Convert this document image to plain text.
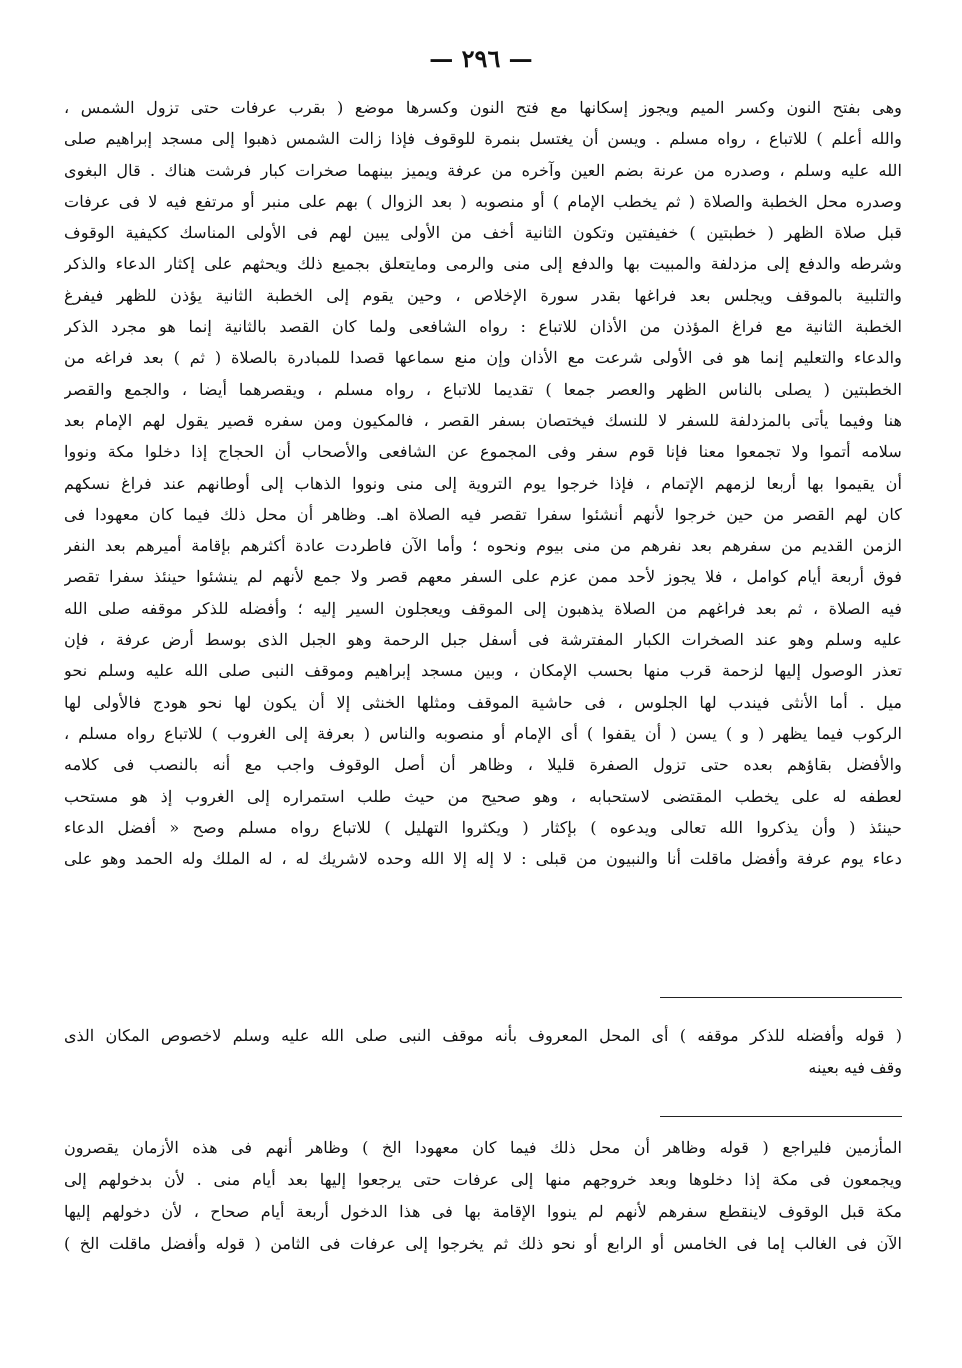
— ٢٩٦ —
وهى بفتح النون وكسر الميم ويجوز إسكانها مع فتح النون وكسرها موضع ( بقرب عرفات حتى تزول الشمس ،
والله أعلم ) للاتباع ، رواه مسلم . ويسن أن يغتسل بنمرة للوقوف فإذا زالت الشمس ذهبوا إلى مسجد إبراهيم صلى
الله عليه وسلم ، وصدره من عرنة بضم العين وآخره من عرفة ويميز بينهما صخرات كبار فرشت هناك . قال البغوى
وصدره محل الخطبة والصلاة ( ثم يخطب الإمام ) أو منصوبه ( بعد الزوال ) بهم على منبر أو مرتفع فيه لا فى عرفات
قبل صلاة الظهر ( خطبتين ) خفيفتين وتكون الثانية أخف من الأولى يبين لهم فى الأولى المناسك ككيفية الوقوف
وشرطه والدفع إلى مزدلفة والمبيت بها والدفع إلى منى والرمى ومايتعلق بجميع ذلك ويحثهم على إكثار الدعاء والذكر
والتلبية بالموقف ويجلس بعد فراغها بقدر سورة الإخلاص ، وحين يقوم إلى الخطبة الثانية يؤذن للظهر فيفرغ
الخطبة الثانية مع فراغ المؤذن من الأذان للاتباع : رواه الشافعى ولما كان القصد بالثانية إنما هو مجرد الذكر
والدعاء والتعليم إنما هو فى الأولى شرعت مع الأذان وإن منع سماعها قصدا للمبادرة بالصلاة ( ثم ) بعد فراغه من
الخطبتين ( يصلى بالناس الظهر والعصر جمعا ) تقديما للاتباع ، رواه مسلم ، ويقصرهما أيضا ، والجمع والقصر
هنا وفيما يأتى بالمزدلفة للسفر لا للنسك فيختصان بسفر القصر ، فالمكيون ومن سفره قصير يقول لهم الإمام بعد
سلامه أتموا ولا تجمعوا معنا فإنا قوم سفر وفى المجموع عن الشافعى والأصحاب أن الحجاج إذا دخلوا مكة ونووا
أن يقيموا بها أربعا لزمهم الإتمام ، فإذا خرجوا يوم التروية إلى منى ونووا الذهاب إلى أوطانهم عند فراغ نسكهم
كان لهم القصر من حين خرجوا لأنهم أنشئوا سفرا تقصر فيه الصلاة اهـ. وظاهر أن محل ذلك فيما كان معهودا فى
الزمن القديم من سفرهم بعد نفرهم من منى بيوم ونحوه ؛ وأما الآن فاطردت عادة أكثرهم بإقامة أميرهم بعد النفر
فوق أربعة أيام كوامل ، فلا يجوز لأحد ممن عزم على السفر معهم قصر ولا جمع لأنهم لم ينشئوا حينئذ سفرا تقصر
فيه الصلاة ، ثم بعد فراغهم من الصلاة يذهبون إلى الموقف ويعجلون السير إليه ؛ وأفضله للذكر موقفه صلى الله
عليه وسلم وهو عند الصخرات الكبار المفترشة فى أسفل جبل الرحمة وهو الجبل الذى بوسط أرض عرفة ، فإن
تعذر الوصول إليها لزحمة قرب منها بحسب الإمكان ، وبين مسجد إبراهيم وموقف النبى صلى الله عليه وسلم نحو
ميل . أما الأنثى فيندب لها الجلوس ، فى حاشية الموقف ومثلها الخنثى إلا أن يكون لها نحو هودج فالأولى لها
الركوب فيما يظهر ( و ) يسن ( أن يقفوا ) أى الإمام أو منصوبه والناس ( بعرفة إلى الغروب ) للاتباع رواه مسلم ،
والأفضل بقاؤهم بعده حتى تزول الصفرة قليلا ، وظاهر أن أصل الوقوف واجب مع أنه بالنصب فى كلامه
لعطفه له على يخطب المقتضى لاستحبابه ، وهو صحيح من حيث طلب استمراره إلى الغروب إذ هو مستحب
حينئذ ( وأن يذكروا الله تعالى ويدعوه ) بإكثار ( ويكثروا التهليل ) للاتباع رواه مسلم وصح « أفضل الدعاء
دعاء يوم عرفة وأفضل ماقلت أنا والنبيون من قبلى : لا إله إلا الله وحده لاشريك له ، له الملك وله الحمد وهو على
( قوله وأفضله للذكر موقفه ) أى المحل المعروف بأنه موقف النبى صلى الله عليه وسلم لاخصوص المكان الذى
وقف فيه بعينه
المأزمين فليراجع ( قوله وظاهر أن محل ذلك فيما كان معهودا الخ ) وظاهر أنهم فى هذه الأزمان يقصرون
ويجمعون فى مكة إذا دخلوها وبعد خروجهم منها إلى عرفات حتى يرجعوا إليها بعد أيام منى . لأن بدخولهم إلى
مكة قبل الوقوف لاينقطع سفرهم لأنهم لم ينووا الإقامة بها فى هذا الدخول أربعة أيام صحاح ، لأن دخولهم إليها
الآن فى الغالب إما فى الخامس أو الرابع أو نحو ذلك ثم يخرجوا إلى عرفات فى الثامن ( قوله وأفضل ماقلت الخ )
